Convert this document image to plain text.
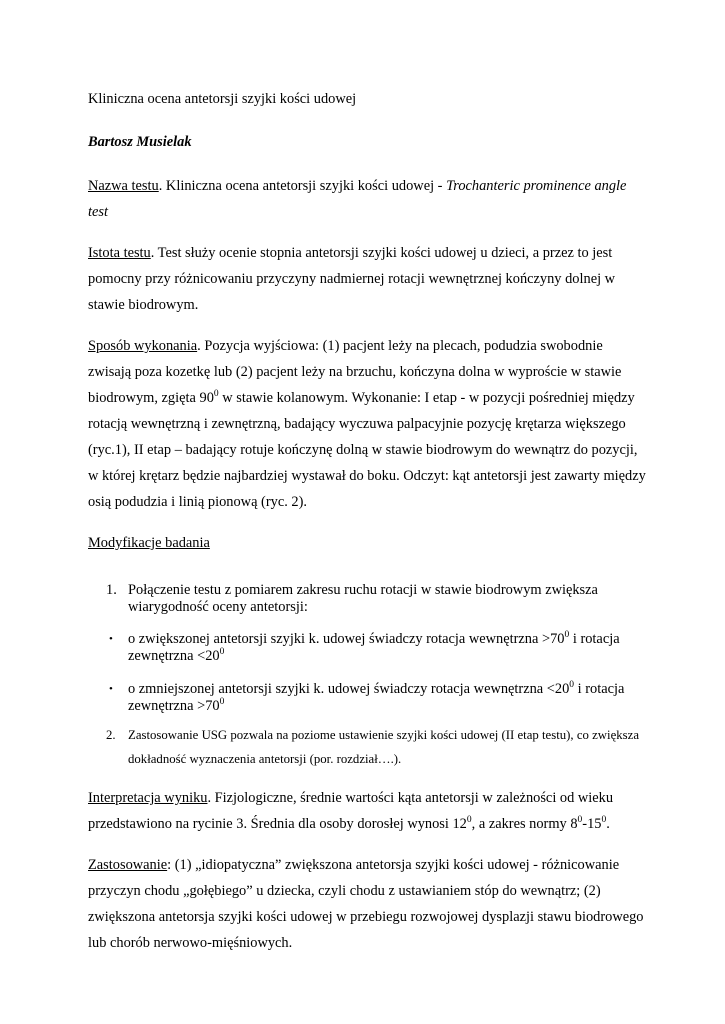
Kliniczna ocena antetorsji szyjki kości udowej

Bartosz Musielak

Nazwa testu. Kliniczna ocena antetorsji szyjki kości udowej - Trochanteric prominence angle test

Istota testu. Test służy ocenie stopnia antetorsji szyjki kości udowej u dzieci, a przez to jest pomocny przy różnicowaniu przyczyny nadmiernej rotacji wewnętrznej kończyny dolnej w stawie biodrowym.

Sposób wykonania. Pozycja wyjściowa: (1) pacjent leży na plecach, podudzia swobodnie zwisają poza kozetkę lub (2) pacjent leży na brzuchu, kończyna dolna w wyproście w stawie biodrowym, zgięta $90^0$ w stawie kolanowym. Wykonanie: I etap - w pozycji pośredniej między rotacją wewnętrzną i zewnętrzną, badający wyczuwa palpacyjnie pozycję krętarza większego (ryc.1), II etap – badający rotuje kończynę dolną w stawie biodrowym do wewnątrz do pozycji, w której krętarz będzie najbardziej wystawał do boku. Odczyt: kąt antetorsji jest zawarty między osią podudzia i linią pionową (ryc. 2).

Modyfikacje badania

1. Połączenie testu z pomiarem zakresu ruchu rotacji w stawie biodrowym zwiększa wiarygodność oceny antetorsji:
• o zwiększonej antetorsji szyjki k. udowej świadczy rotacja wewnętrzna $>70^0$ i rotacja zewnętrzna $<20^0$
• o zmniejszonej antetorsji szyjki k. udowej świadczy rotacja wewnętrzna $<20^0$ i rotacja zewnętrzna $>70^0$
2. Zastosowanie USG pozwala na poziome ustawienie szyjki kości udowej (II etap testu), co zwiększa dokładność wyznaczenia antetorsji (por. rozdział….).

Interpretacja wyniku. Fizjologiczne, średnie wartości kąta antetorsji w zależności od wieku przedstawiono na rycinie 3. Średnia dla osoby dorosłej wynosi $12^0$, a zakres normy $8^0-15^0$.

Zastosowanie: (1) „idiopatyczna” zwiększona antetorsja szyjki kości udowej - różnicowanie przyczyn chodu „gołębiego” u dziecka, czyli chodu z ustawianiem stóp do wewnątrz; (2) zwiększona antetorsja szyjki kości udowej w przebiegu rozwojowej dysplazji stawu biodrowego lub chorób nerwowo-mięśniowych.
